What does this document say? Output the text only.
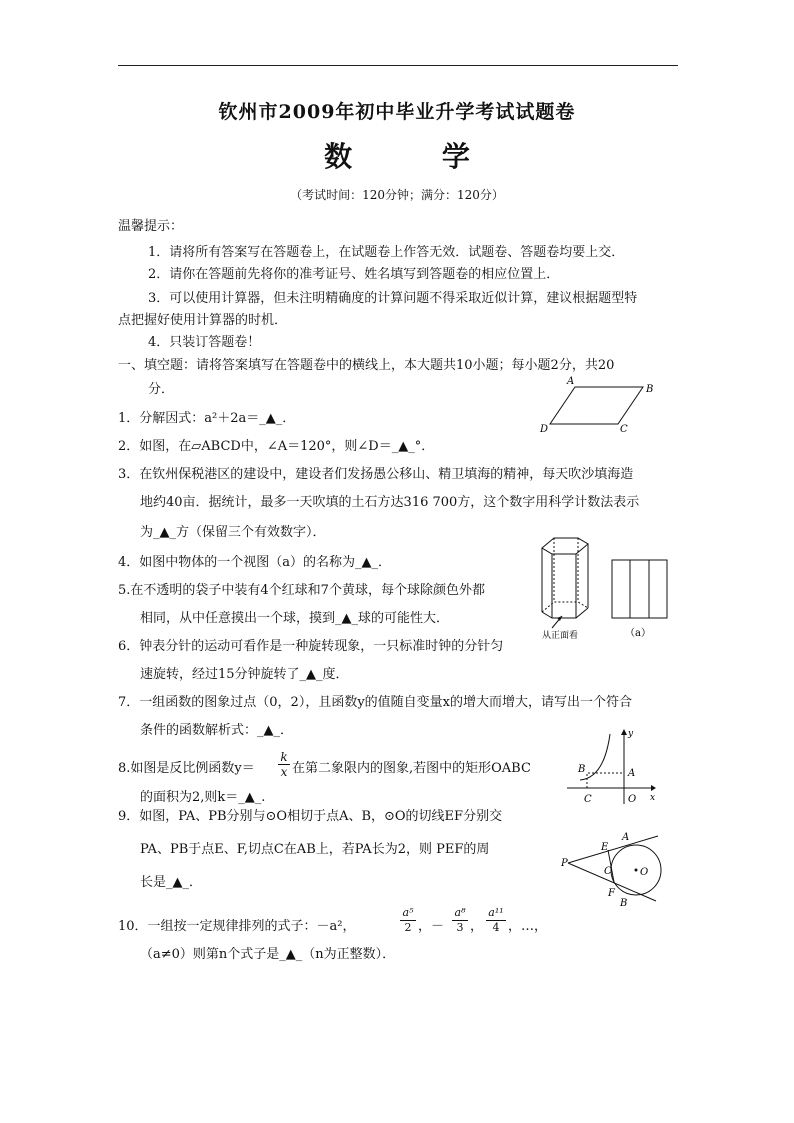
钦州市2009年初中毕业升学考试试题卷
数 学
（考试时间：120分钟；满分：120分）
温馨提示：
1．请将所有答案写在答题卷上，在试题卷上作答无效．试题卷、答题卷均要上交．
2．请你在答题前先将你的准考证号、姓名填写到答题卷的相应位置上．
3．可以使用计算器，但未注明精确度的计算问题不得采取近似计算，建议根据题型特
点把握好使用计算器的时机．
4．只装订答题卷！
一、填空题：请将答案填写在答题卷中的横线上，本大题共10小题；每小题2分，共20
分．
1．分解因式：a²＋2a＝_▲_．
2．如图，在▱ABCD中，∠A＝120°，则∠D＝_▲_°．
3．在钦州保税港区的建设中，建设者们发扬愚公移山、精卫填海的精神，每天吹沙填海造
地约40亩．据统计，最多一天吹填的土石方达316 700方，这个数字用科学计数法表示
为_▲_方（保留三个有效数字）．
4．如图中物体的一个视图（a）的名称为_▲_．
5.在不透明的袋子中装有4个红球和7个黄球，每个球除颜色外都
相同，从中任意摸出一个球，摸到_▲_球的可能性大．
6．钟表分针的运动可看作是一种旋转现象，一只标准时钟的分针匀
速旋转，经过15分钟旋转了_▲_度．
7．一组函数的图象过点（0，2），且函数y的值随自变量x的增大而增大，请写出一个符合
条件的函数解析式：_▲_．
8.如图是反比例函数$y= \frac{k}{x}$ 在第二象限内的图象,若图中的矩形OABC
的面积为2,则k＝_▲_.
9．如图，PA、PB分别与⊙O相切于点A、B，⊙O的切线EF分别交
PA、PB于点E、F,切点C在AB上，若PA长为2，则 PEF的周
长是_▲_．
10．一组按一定规律排列的式子：－a²，	$\frac{\text{a⁵}}{2}$ ，－ $\frac{\text{a⁸}}{3}$ ， $\frac{\text{a¹¹}}{4}$ ，…，
（a≠0）则第n个式子是_▲_（n为正整数）．
A
B
C
D
从正面看	（a）
B	A
C	O x
y
A
E
P
C	O
F
B
